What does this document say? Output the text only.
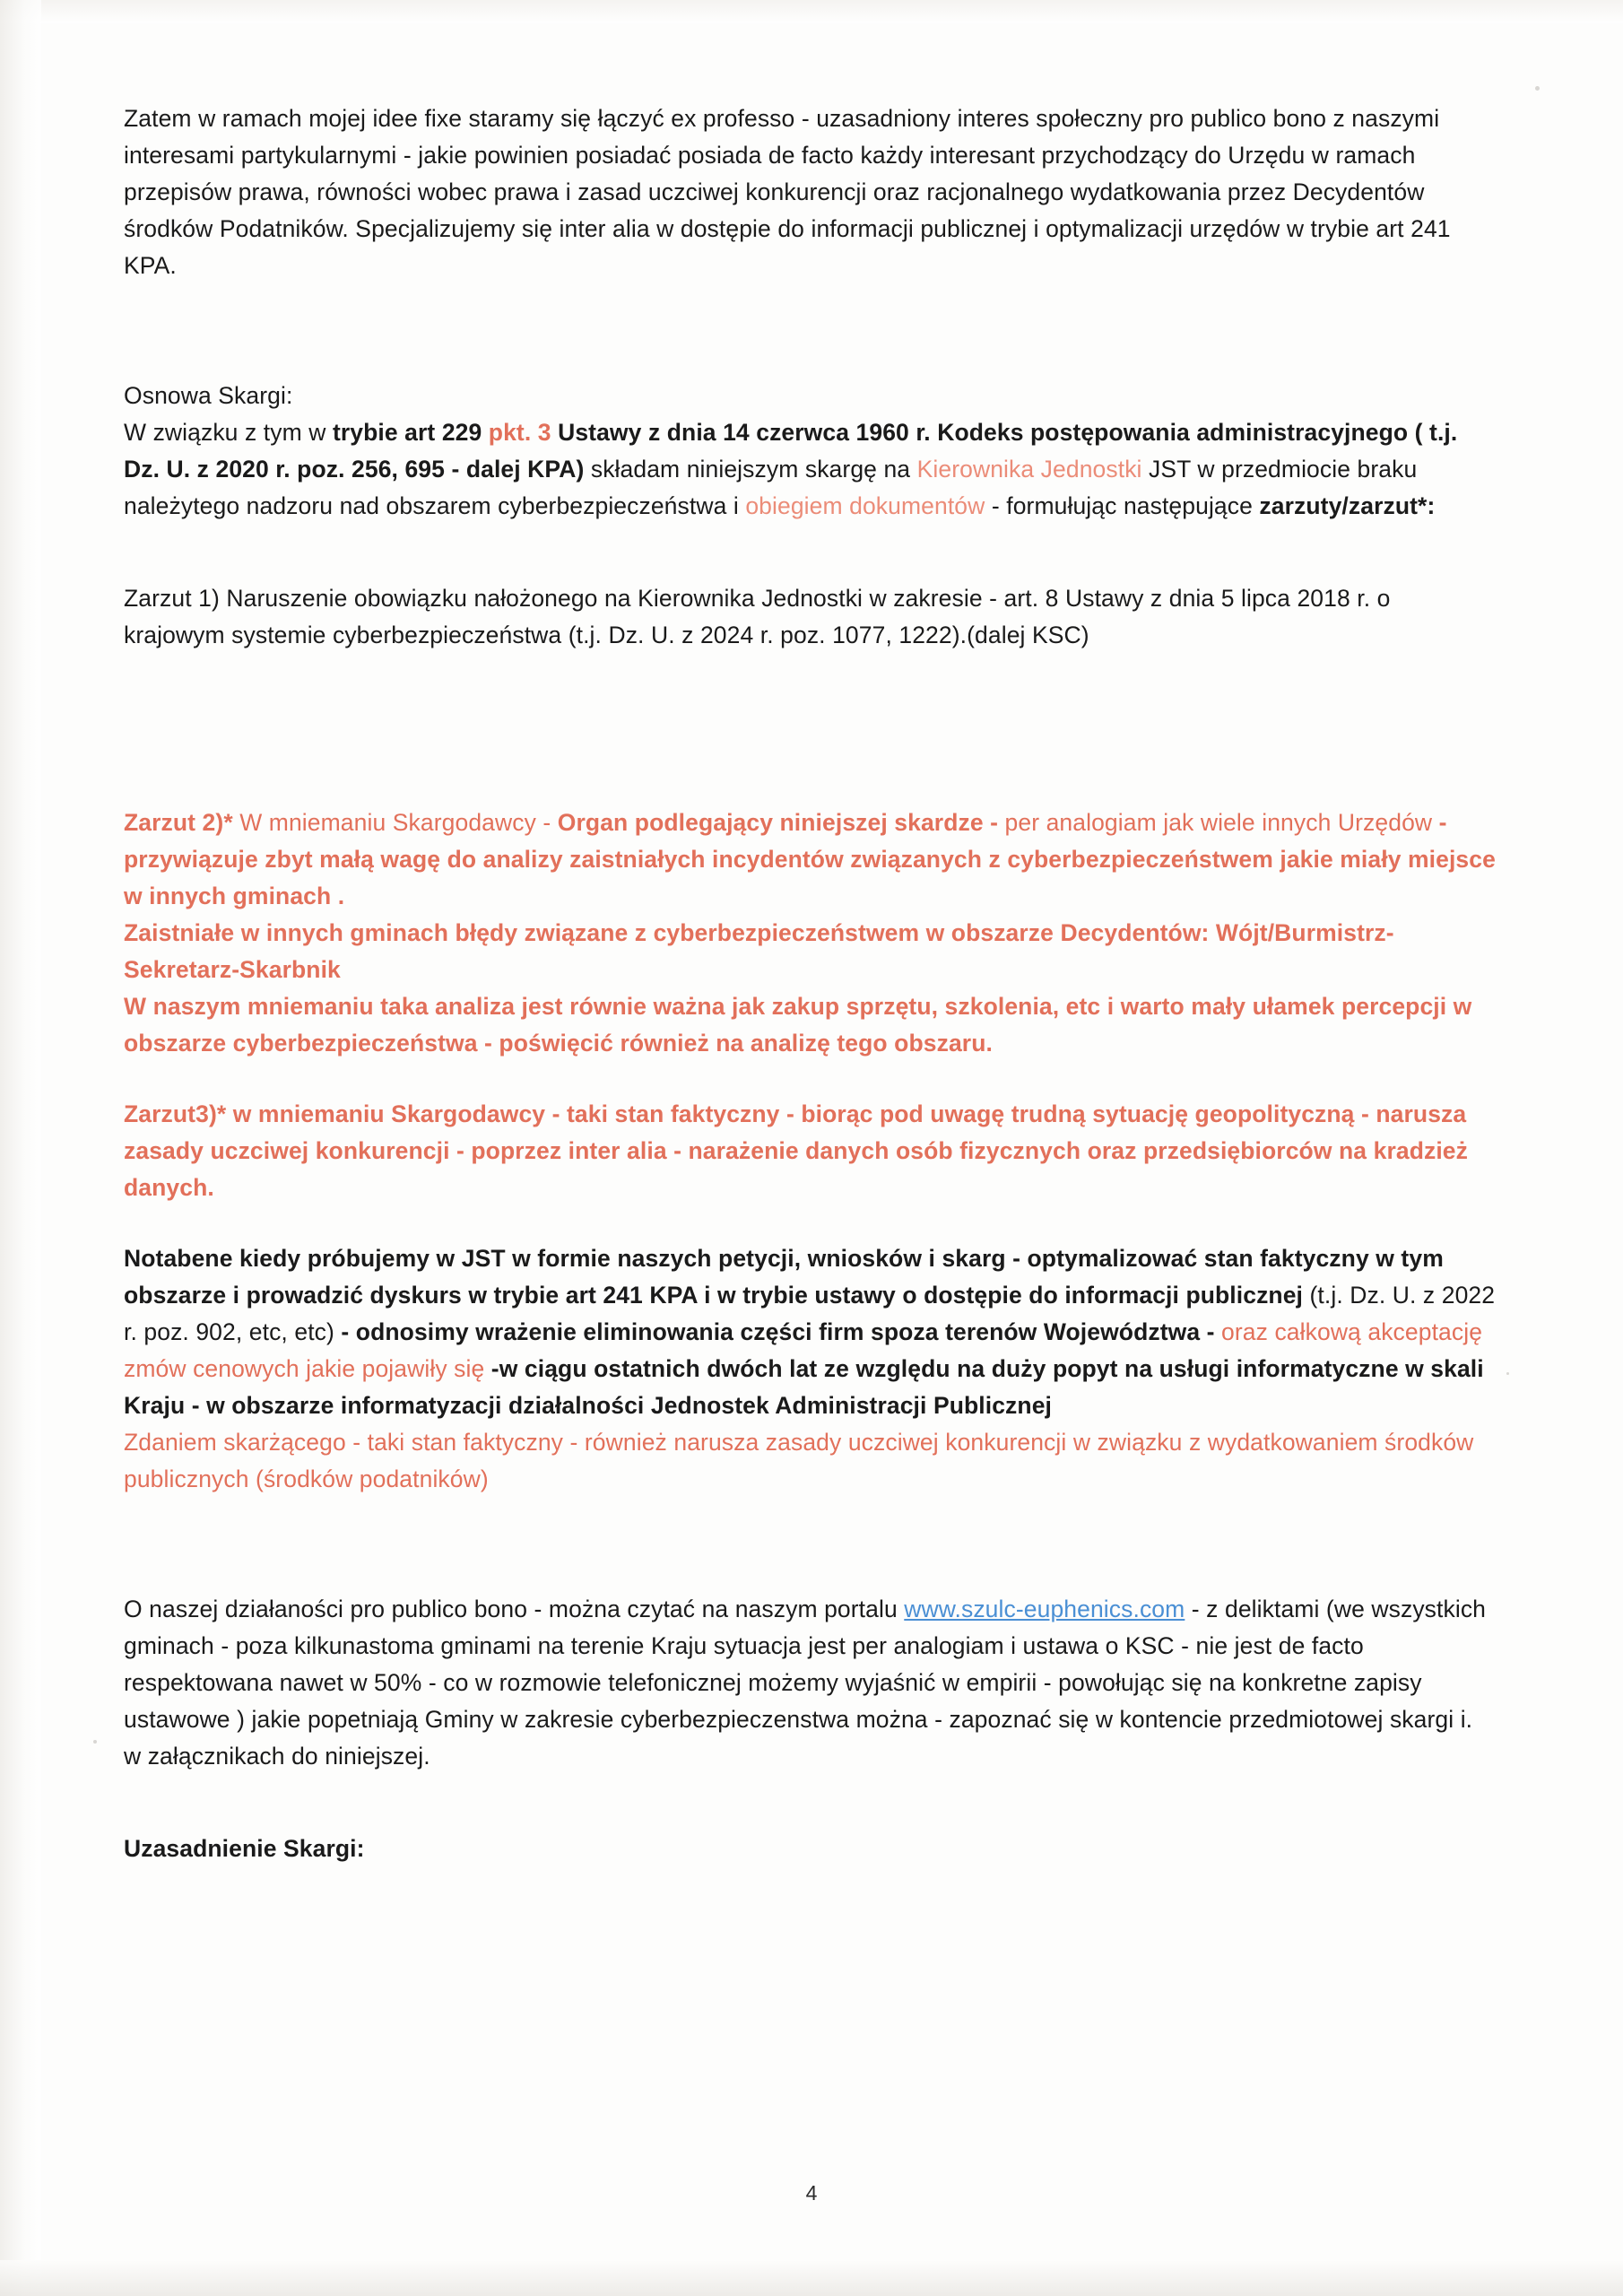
Zatem w ramach mojej idee fixe staramy się łączyć ex professo - uzasadniony interes społeczny pro publico bono z naszymi interesami partykularnymi - jakie powinien posiadać posiada de facto każdy interesant przychodzący do Urzędu w ramach przepisów prawa, równości wobec prawa i zasad uczciwej konkurencji oraz racjonalnego wydatkowania przez Decydentów środków Podatników. Specjalizujemy się inter alia w dostępie do informacji publicznej i optymalizacji urzędów w trybie art 241 KPA.

Osnowa Skargi:

W związku z tym w trybie art 229 pkt. 3 Ustawy z dnia 14 czerwca 1960 r. Kodeks postępowania administracyjnego ( t.j. Dz. U. z 2020 r. poz. 256, 695 - dalej KPA) składam niniejszym skargę na Kierownika Jednostki JST w przedmiocie braku należytego nadzoru nad obszarem cyberbezpieczeństwa i obiegiem dokumentów - formułując następujące zarzuty/zarzut*:

Zarzut 1) Naruszenie obowiązku nałożonego na Kierownika Jednostki w zakresie - art. 8 Ustawy z dnia 5 lipca 2018 r. o krajowym systemie cyberbezpieczeństwa (t.j. Dz. U. z 2024 r. poz. 1077, 1222).(dalej KSC)

Zarzut 2)* W mniemaniu Skargodawcy - Organ podlegający niniejszej skardze - per analogiam jak wiele innych Urzędów - przywiązuje zbyt małą wagę do analizy zaistniałych incydentów związanych z cyberbezpieczeństwem jakie miały miejsce w innych gminach .

Zaistniałe w innych gminach błędy związane z cyberbezpieczeństwem w obszarze Decydentów: Wójt/Burmistrz-Sekretarz-Skarbnik

W naszym mniemaniu taka analiza jest równie ważna jak zakup sprzętu, szkolenia, etc i warto mały ułamek percepcji w obszarze cyberbezpieczeństwa - poświęcić również na analizę tego obszaru.

Zarzut3)* w mniemaniu Skargodawcy - taki stan faktyczny - biorąc pod uwagę trudną sytuację geopolityczną - narusza zasady uczciwej konkurencji - poprzez inter alia - narażenie danych osób fizycznych oraz przedsiębiorców na kradzież danych.

Notabene kiedy próbujemy w JST w formie naszych petycji, wniosków i skarg - optymalizować stan faktyczny w tym obszarze i prowadzić dyskurs w trybie art 241 KPA i w trybie ustawy o dostępie do informacji publicznej (t.j. Dz. U. z 2022 r. poz. 902, etc, etc) - odnosimy wrażenie eliminowania części firm spoza terenów Województwa - oraz całkową akceptację zmów cenowych jakie pojawiły się -w ciągu ostatnich dwóch lat ze względu na duży popyt na usługi informatyczne w skali Kraju - w obszarze informatyzacji działalności Jednostek Administracji Publicznej

Zdaniem skarżącego - taki stan faktyczny - również narusza zasady uczciwej konkurencji w związku z wydatkowaniem środków publicznych (środków podatników)

O naszej działaności pro publico bono - można czytać na naszym portalu www.szulc-euphenics.com - z deliktami (we wszystkich gminach - poza kilkunastoma gminami na terenie Kraju sytuacja jest per analogiam i ustawa o KSC - nie jest de facto respektowana nawet w 50% - co w rozmowie telefonicznej możemy wyjaśnić w empirii - powołując się na konkretne zapisy ustawowe ) jakie popetniają Gminy w zakresie cyberbezpieczenstwa można - zapoznać się w kontencie przedmiotowej skargi i. w załącznikach do niniejszej.

Uzasadnienie Skargi:

4
